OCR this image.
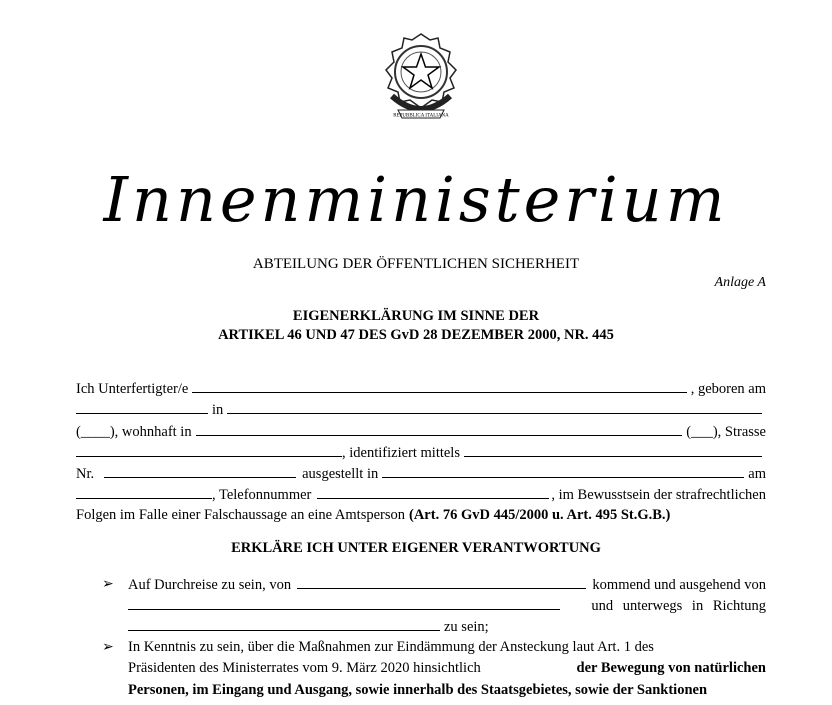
REPUBBLICA ITALIANA
Innenministerium
ABTEILUNG DER ÖFFENTLICHEN SICHERHEIT
Anlage A
EIGENERKLÄRUNG IM SINNE DER
ARTIKEL 46 UND 47 DES GvD 28 DEZEMBER 2000, NR. 445
Ich Unterfertigter/e	, geboren am
in
(____), wohnhaft in	(___), Strasse
, identifiziert mittels
Nr.	ausgestellt in	am
, Telefonnummer	, im Bewusstsein der strafrechtlichen
Folgen im Falle einer Falschaussage an eine Amtsperson (Art. 76 GvD 445/2000 u. Art. 495 St.G.B.)
ERKLÄRE ICH UNTER EIGENER VERANTWORTUNG
➢ Auf Durchreise zu sein, von	kommend und ausgehend von
und unterwegs in Richtung
zu sein;
➢ In Kenntnis zu sein, über die Maßnahmen zur Eindämmung der Ansteckung laut Art. 1 des
Präsidenten des Ministerrates vom 9. März 2020 hinsichtlich	der Bewegung von natürlichen
Personen, im Eingang und Ausgang, sowie innerhalb des Staatsgebietes, sowie der Sanktionen
